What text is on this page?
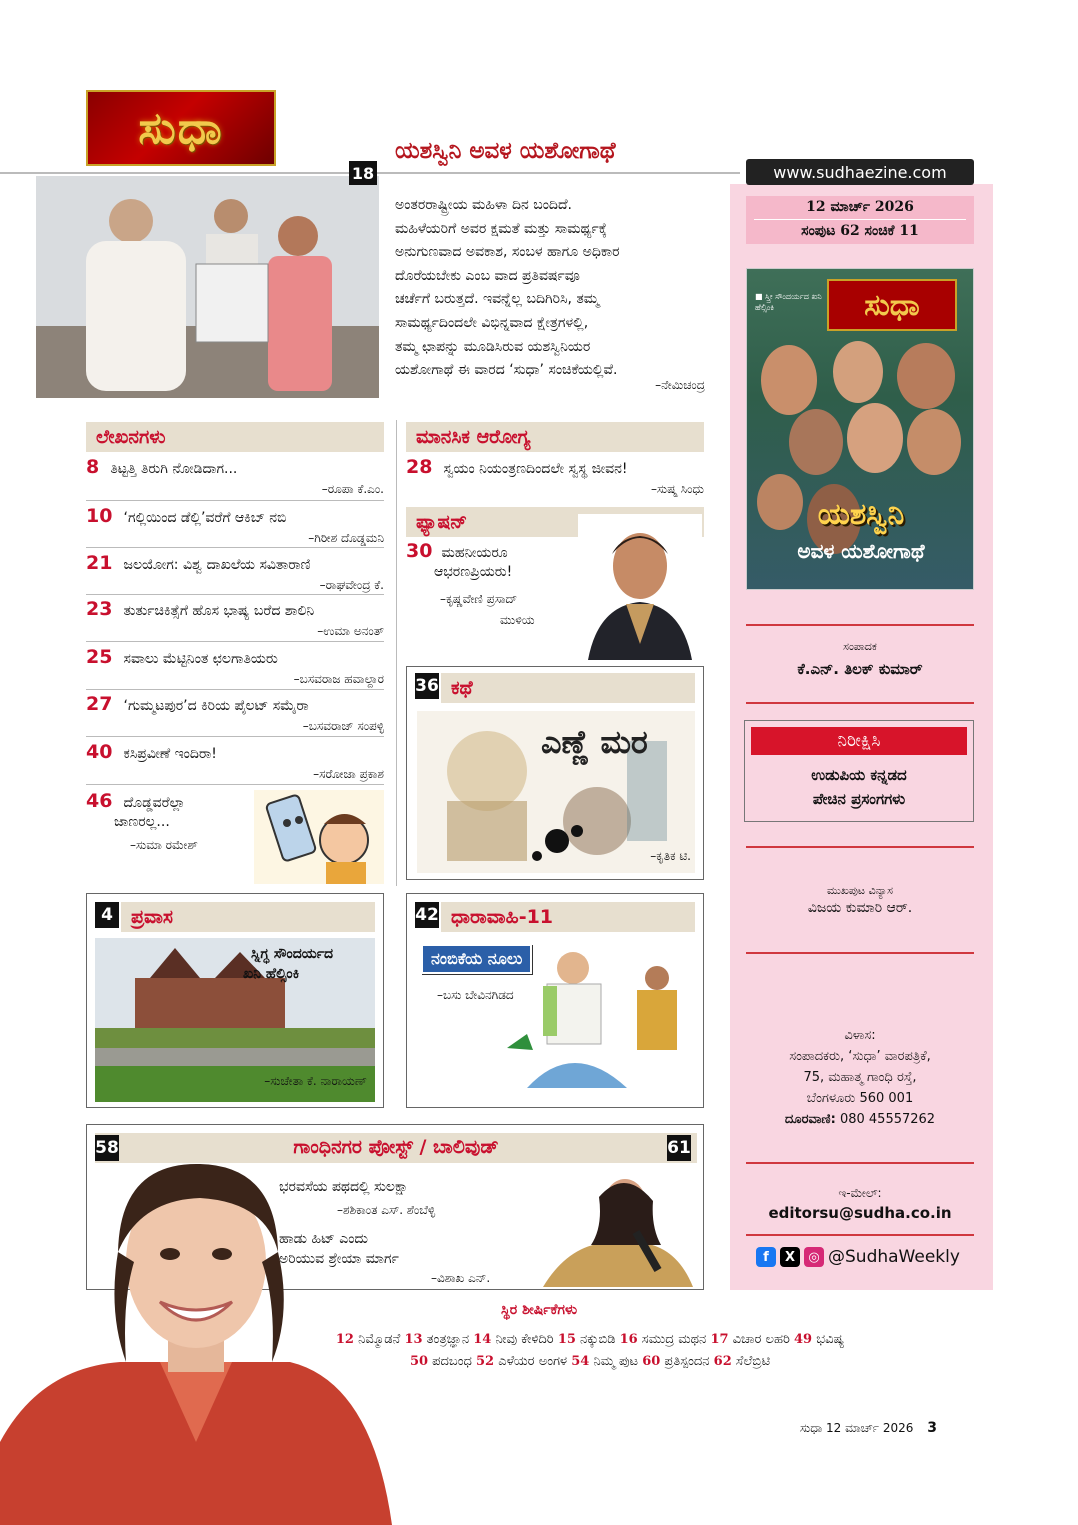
ಸುಧಾ	ಯಶಸ್ವಿನಿ ಅವಳ ಯಶೋಗಾಥೆ
www.sudhaezine.com
12 ಮಾರ್ಚ್ 2026
ಸಂಪುಟ 62 ಸಂಚಿಕೆ 11
■ ಸ್ತ್ರೀ ಸೌಂದರ್ಯದ ಖನಿ ಹೆಲ್ಸಿಂಕಿ	ಸುಧಾ
ಯಶಸ್ವಿನಿ
ಅವಳ ಯಶೋಗಾಥೆ
ಸಂಪಾದಕ
ಕೆ.ಎನ್. ತಿಲಕ್ ಕುಮಾರ್
ನಿರೀಕ್ಷಿಸಿ
ಉಡುಪಿಯ ಕನ್ನಡದ
ಪೇಚಿನ ಪ್ರಸಂಗಗಳು
ಮುಖಪುಟ ವಿನ್ಯಾಸ
ವಿಜಯ ಕುಮಾರಿ ಆರ್.
ವಿಳಾಸ:
ಸಂಪಾದಕರು, ‘ಸುಧಾ’ ವಾರಪತ್ರಿಕೆ,
75, ಮಹಾತ್ಮ ಗಾಂಧಿ ರಸ್ತೆ,
ಬೆಂಗಳೂರು 560 001
ದೂರವಾಣಿ: 080 45557262
ಇ-ಮೇಲ್:
editorsu@sudha.co.in
f	X	◎ @SudhaWeekly
18
ಅಂತರರಾಷ್ಟ್ರೀಯ ಮಹಿಳಾ ದಿನ ಬಂದಿದೆ.
ಮಹಿಳೆಯರಿಗೆ ಅವರ ಕ್ಷಮತೆ ಮತ್ತು ಸಾಮರ್ಥ್ಯಕ್ಕೆ
ಅನುಗುಣವಾದ ಅವಕಾಶ, ಸಂಬಳ ಹಾಗೂ ಅಧಿಕಾರ
ದೊರೆಯಬೇಕು ಎಂಬ ವಾದ ಪ್ರತಿವರ್ಷವೂ
ಚರ್ಚೆಗೆ ಬರುತ್ತದೆ. ಇವನ್ನೆಲ್ಲ ಬದಿಗಿರಿಸಿ, ತಮ್ಮ
ಸಾಮರ್ಥ್ಯದಿಂದಲೇ ವಿಭಿನ್ನವಾದ ಕ್ಷೇತ್ರಗಳಲ್ಲಿ,
ತಮ್ಮ ಛಾಪನ್ನು ಮೂಡಿಸಿರುವ ಯಶಸ್ವಿನಿಯರ
ಯಶೋಗಾಥೆ ಈ ವಾರದ ‘ಸುಧಾ’ ಸಂಚಿಕೆಯಲ್ಲಿವೆ.
–ನೇಮಿಚಂದ್ರ
ಲೇಖನಗಳು
8 ತಿಟ್ಟತ್ತಿ ತಿರುಗಿ ನೋಡಿದಾಗ...
–ರೂಪಾ ಕೆ.ಎಂ.
10 ‘ಗಲ್ಲಿಯಿಂದ ಡೆಲ್ಲಿ’ವರೆಗೆ ಆಕಿಬ್ ನಬಿ
–ಗಿರೀಶ ದೊಡ್ಡಮನಿ
21 ಜಲಯೋಗ: ವಿಶ್ವ ದಾಖಲೆಯ ಸವಿತಾರಾಣಿ
–ರಾಘವೇಂದ್ರ ಕೆ.
23 ತುರ್ತುಚಿಕಿತ್ಸೆಗೆ ಹೊಸ ಭಾಷ್ಯ ಬರೆದ ಶಾಲಿನಿ
–ಉಮಾ ಅನಂತ್
25 ಸವಾಲು ಮೆಟ್ಟಿನಿಂತ ಛಲಗಾತಿಯರು
–ಬಸವರಾಜ ಹವಾಲ್ದಾರ
27 ‘ಗುಮ್ಮಟಪುರ’ದ ಕಿರಿಯ ಪೈಲಟ್ ಸಮೈರಾ
–ಬಸವರಾಜ್ ಸಂಪಳ್ಳಿ
40 ಕಸಿಪ್ರವೀಣೆ ಇಂದಿರಾ!
–ಸರೋಜಾ ಪ್ರಕಾಶ
46 ದೊಡ್ಡವರೆಲ್ಲಾ
ಜಾಣರಲ್ಲ...
–ಸುಮಾ ರಮೇಶ್
ಮಾನಸಿಕ ಆರೋಗ್ಯ
28 ಸ್ವಯಂ ನಿಯಂತ್ರಣದಿಂದಲೇ ಸ್ವಸ್ಥ ಜೀವನ!
–ಸುಷ್ಮ ಸಿಂಧು
ಫ್ಯಾಷನ್
30 ಮಹನೀಯರೂ
ಆಭರಣಪ್ರಿಯರು!
–ಕೃಷ್ಣವೇಣಿ ಪ್ರಸಾದ್
ಮುಳಿಯ
36 ಕಥೆ
ಎಣ್ಣೆ ಮರ
–ಕೃತಿಕ ಟಿ.
4 ಪ್ರವಾಸ
ಸ್ನಿಗ್ಧ ಸೌಂದರ್ಯದ
ಖನಿ ಹೆಲ್ಸಿಂಕಿ
–ಸುಚೇತಾ ಕೆ. ನಾರಾಯಣ್
42 ಧಾರಾವಾಹಿ-11
ನಂಬಿಕೆಯ ನೂಲು
–ಬಸು ಬೇವಿನಗಿಡದ
58	61
ಗಾಂಧಿನಗರ ಪೋಸ್ಟ್ / ಬಾಲಿವುಡ್
ಭರವಸೆಯ ಪಥದಲ್ಲಿ ಸುಲಕ್ಷಾ
–ಶಶಿಕಾಂತ ಎಸ್. ಶೆಂಬೆಳ್ಳಿ
ಹಾಡು ಹಿಟ್ ಎಂದು
ಅರಿಯುವ ಶ್ರೇಯಾ ಮಾರ್ಗ
–ವಿಶಾಖ ಎನ್.
ಸ್ಥಿರ ಶೀರ್ಷಿಕೆಗಳು
12 ನಿಮ್ಮೊಡನೆ 13 ತಂತ್ರಜ್ಞಾನ 14 ನೀವು ಕೇಳಿದಿರಿ 15 ನಕ್ಕುಬಿಡಿ 16 ಸಮುದ್ರ ಮಥನ 17 ವಿಚಾರ ಲಹರಿ 49 ಭವಿಷ್ಯ
50 ಪದಬಂಧ 52 ಎಳೆಯರ ಅಂಗಳ 54 ನಿಮ್ಮ ಪುಟ 60 ಪ್ರತಿಸ್ಪಂದನ 62 ಸೆಲೆಬ್ರಿಟಿ
ಸುಧಾ 12 ಮಾರ್ಚ್ 2026 3
